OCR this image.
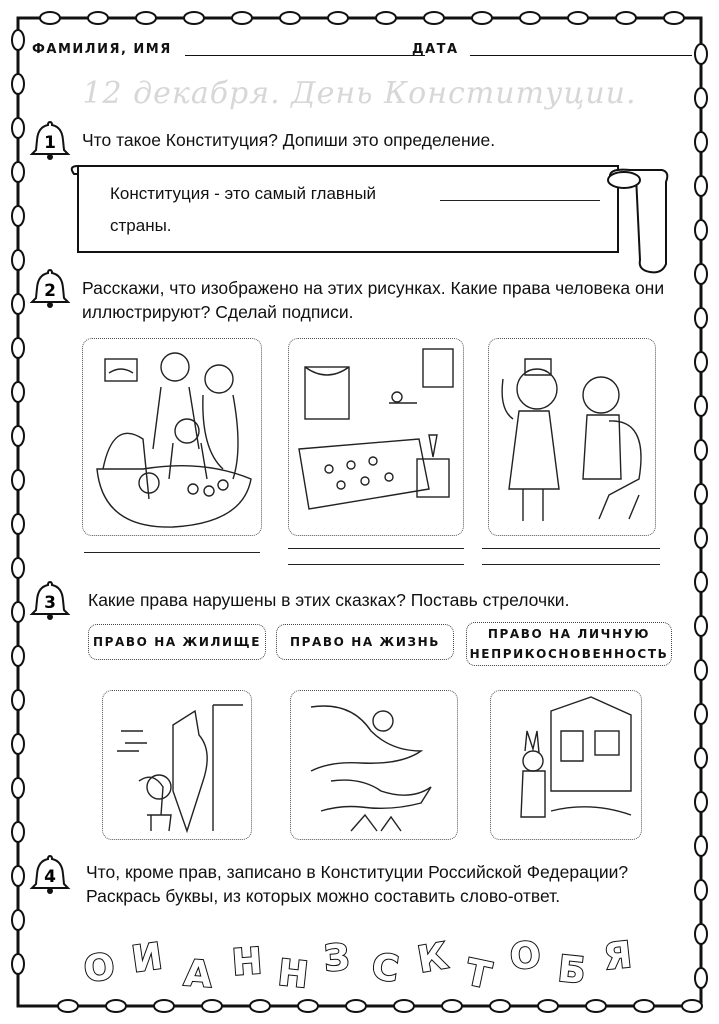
ФАМИЛИЯ, ИМЯ	ДАТА
12 декабря. День Конституции.
1
2
3
4
Что такое Конституция? Допиши это определение.
Конституция - это самый главный
страны.
Расскажи, что изображено на этих рисунках. Какие права человека они иллюстрируют? Сделай подписи.
Какие права нарушены в этих сказках? Поставь стрелочки.
ПРАВО НА ЖИЛИЩЕ	ПРАВО НА ЖИЗНЬ
ПРАВО НА ЛИЧНУЮ НЕПРИКОСНОВЕННОСТЬ
Что, кроме прав, записано в Конституции Российской Федерации? Раскрась буквы, из которых можно составить слово-ответ.
О И А Н Н З С К Т О Б Я
